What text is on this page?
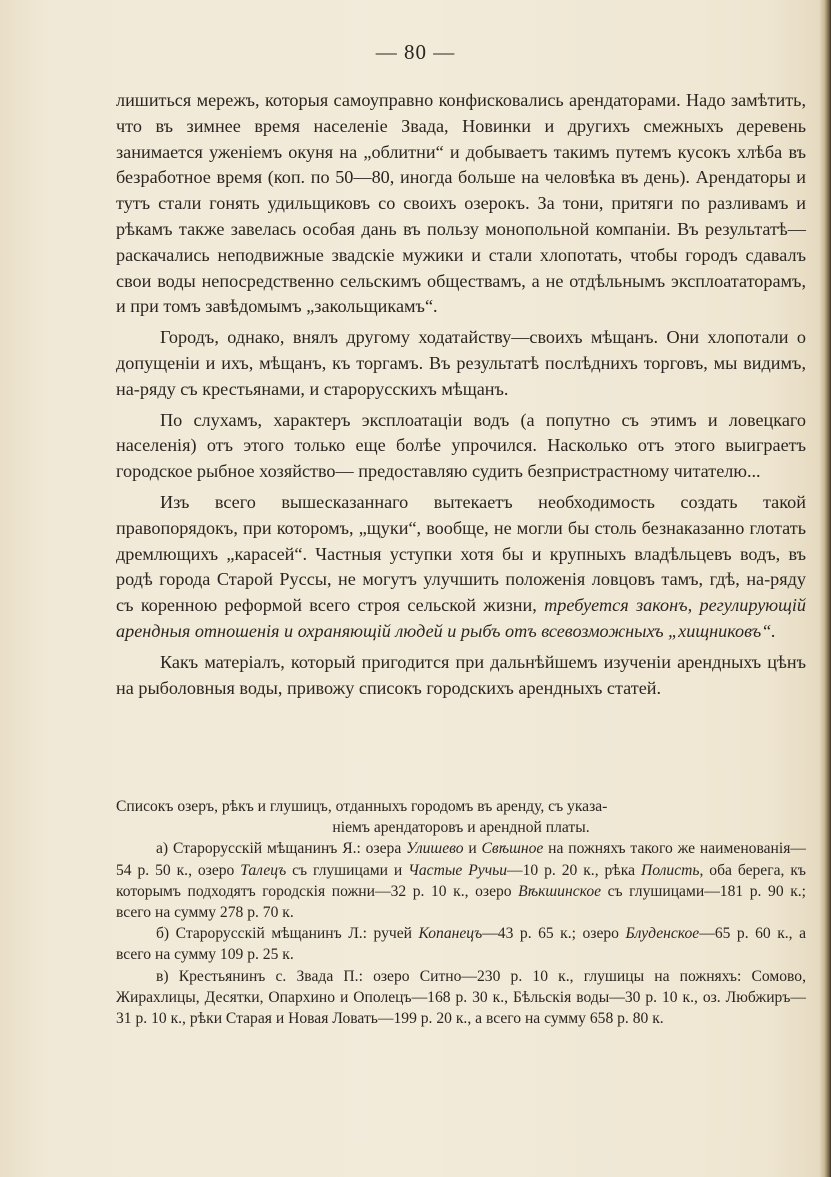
— 80 —

лишиться мережъ, которыя самоуправно конфисковались арендаторами. Надо замѣтить, что въ зимнее время населеніе Звада, Новинки и другихъ смежныхъ деревень занимается уженіемъ окуня на „облитни“ и добываетъ такимъ путемъ кусокъ хлѣба въ безработное время (коп. по 50—80, иногда больше на человѣка въ день). Арендаторы и тутъ стали гонять удильщиковъ со своихъ озерокъ. За тони, притяги по разливамъ и рѣкамъ также завелась особая дань въ пользу монопольной компаніи. Въ результатѣ—раскачались неподвижные звадскіе мужики и стали хлопотать, чтобы городъ сдавалъ свои воды непосредственно сельскимъ обществамъ, а не отдѣльнымъ эксплоататорамъ, и при томъ завѣдомымъ „закольщикамъ“.

Городъ, однако, внялъ другому ходатайству—своихъ мѣщанъ. Они хлопотали о допущеніи и ихъ, мѣщанъ, къ торгамъ. Въ результатѣ послѣднихъ торговъ, мы видимъ, на-ряду съ крестьянами, и старорусскихъ мѣщанъ.

По слухамъ, характеръ эксплоатаціи водъ (а попутно съ этимъ и ловецкаго населенія) отъ этого только еще болѣе упрочился. Насколько отъ этого выиграетъ городское рыбное хозяйство— предоставляю судить безпристрастному читателю...

Изъ всего вышесказаннаго вытекаетъ необходимость создать такой правопорядокъ, при которомъ, „щуки“, вообще, не могли бы столь безнаказанно глотать дремлющихъ „карасей“. Частныя уступки хотя бы и крупныхъ владѣльцевъ водъ, въ родѣ города Старой Руссы, не могутъ улучшить положенія ловцовъ тамъ, гдѣ, на-ряду съ коренною реформой всего строя сельской жизни, требуется законъ, регулирующій арендныя отношенія и охраняющій людей и рыбъ отъ всевозможныхъ „хищниковъ“.

Какъ матеріалъ, который пригодится при дальнѣйшемъ изученіи арендныхъ цѣнъ на рыболовныя воды, привожу списокъ городскихъ арендныхъ статей.

Списокъ озеръ, рѣкъ и глушицъ, отданныхъ городомъ въ аренду, съ указа-

ніемъ арендаторовъ и арендной платы.

а) Старорусскій мѣщанинъ Я.: озера Улишево и Свѣшное на пожняхъ такого же наименованія—54 р. 50 к., озеро Талецъ съ глушицами и Частые Ручьи—10 р. 20 к., рѣка Полисть, оба берега, къ которымъ подходятъ городскія пожни—32 р. 10 к., озеро Вѣкшинское съ глушицами—181 р. 90 к.; всего на сумму 278 р. 70 к.

б) Старорусскій мѣщанинъ Л.: ручей Копанецъ—43 р. 65 к.; озеро Блуденское—65 р. 60 к., а всего на сумму 109 р. 25 к.

в) Крестьянинъ с. Звада П.: озеро Ситно—230 р. 10 к., глушицы на пожняхъ: Сомово, Жирахлицы, Десятки, Опархино и Ополецъ—168 р. 30 к., Бѣльскія воды—30 р. 10 к., оз. Любжиръ—31 р. 10 к., рѣки Старая и Новая Ловать—199 р. 20 к., а всего на сумму 658 р. 80 к.
